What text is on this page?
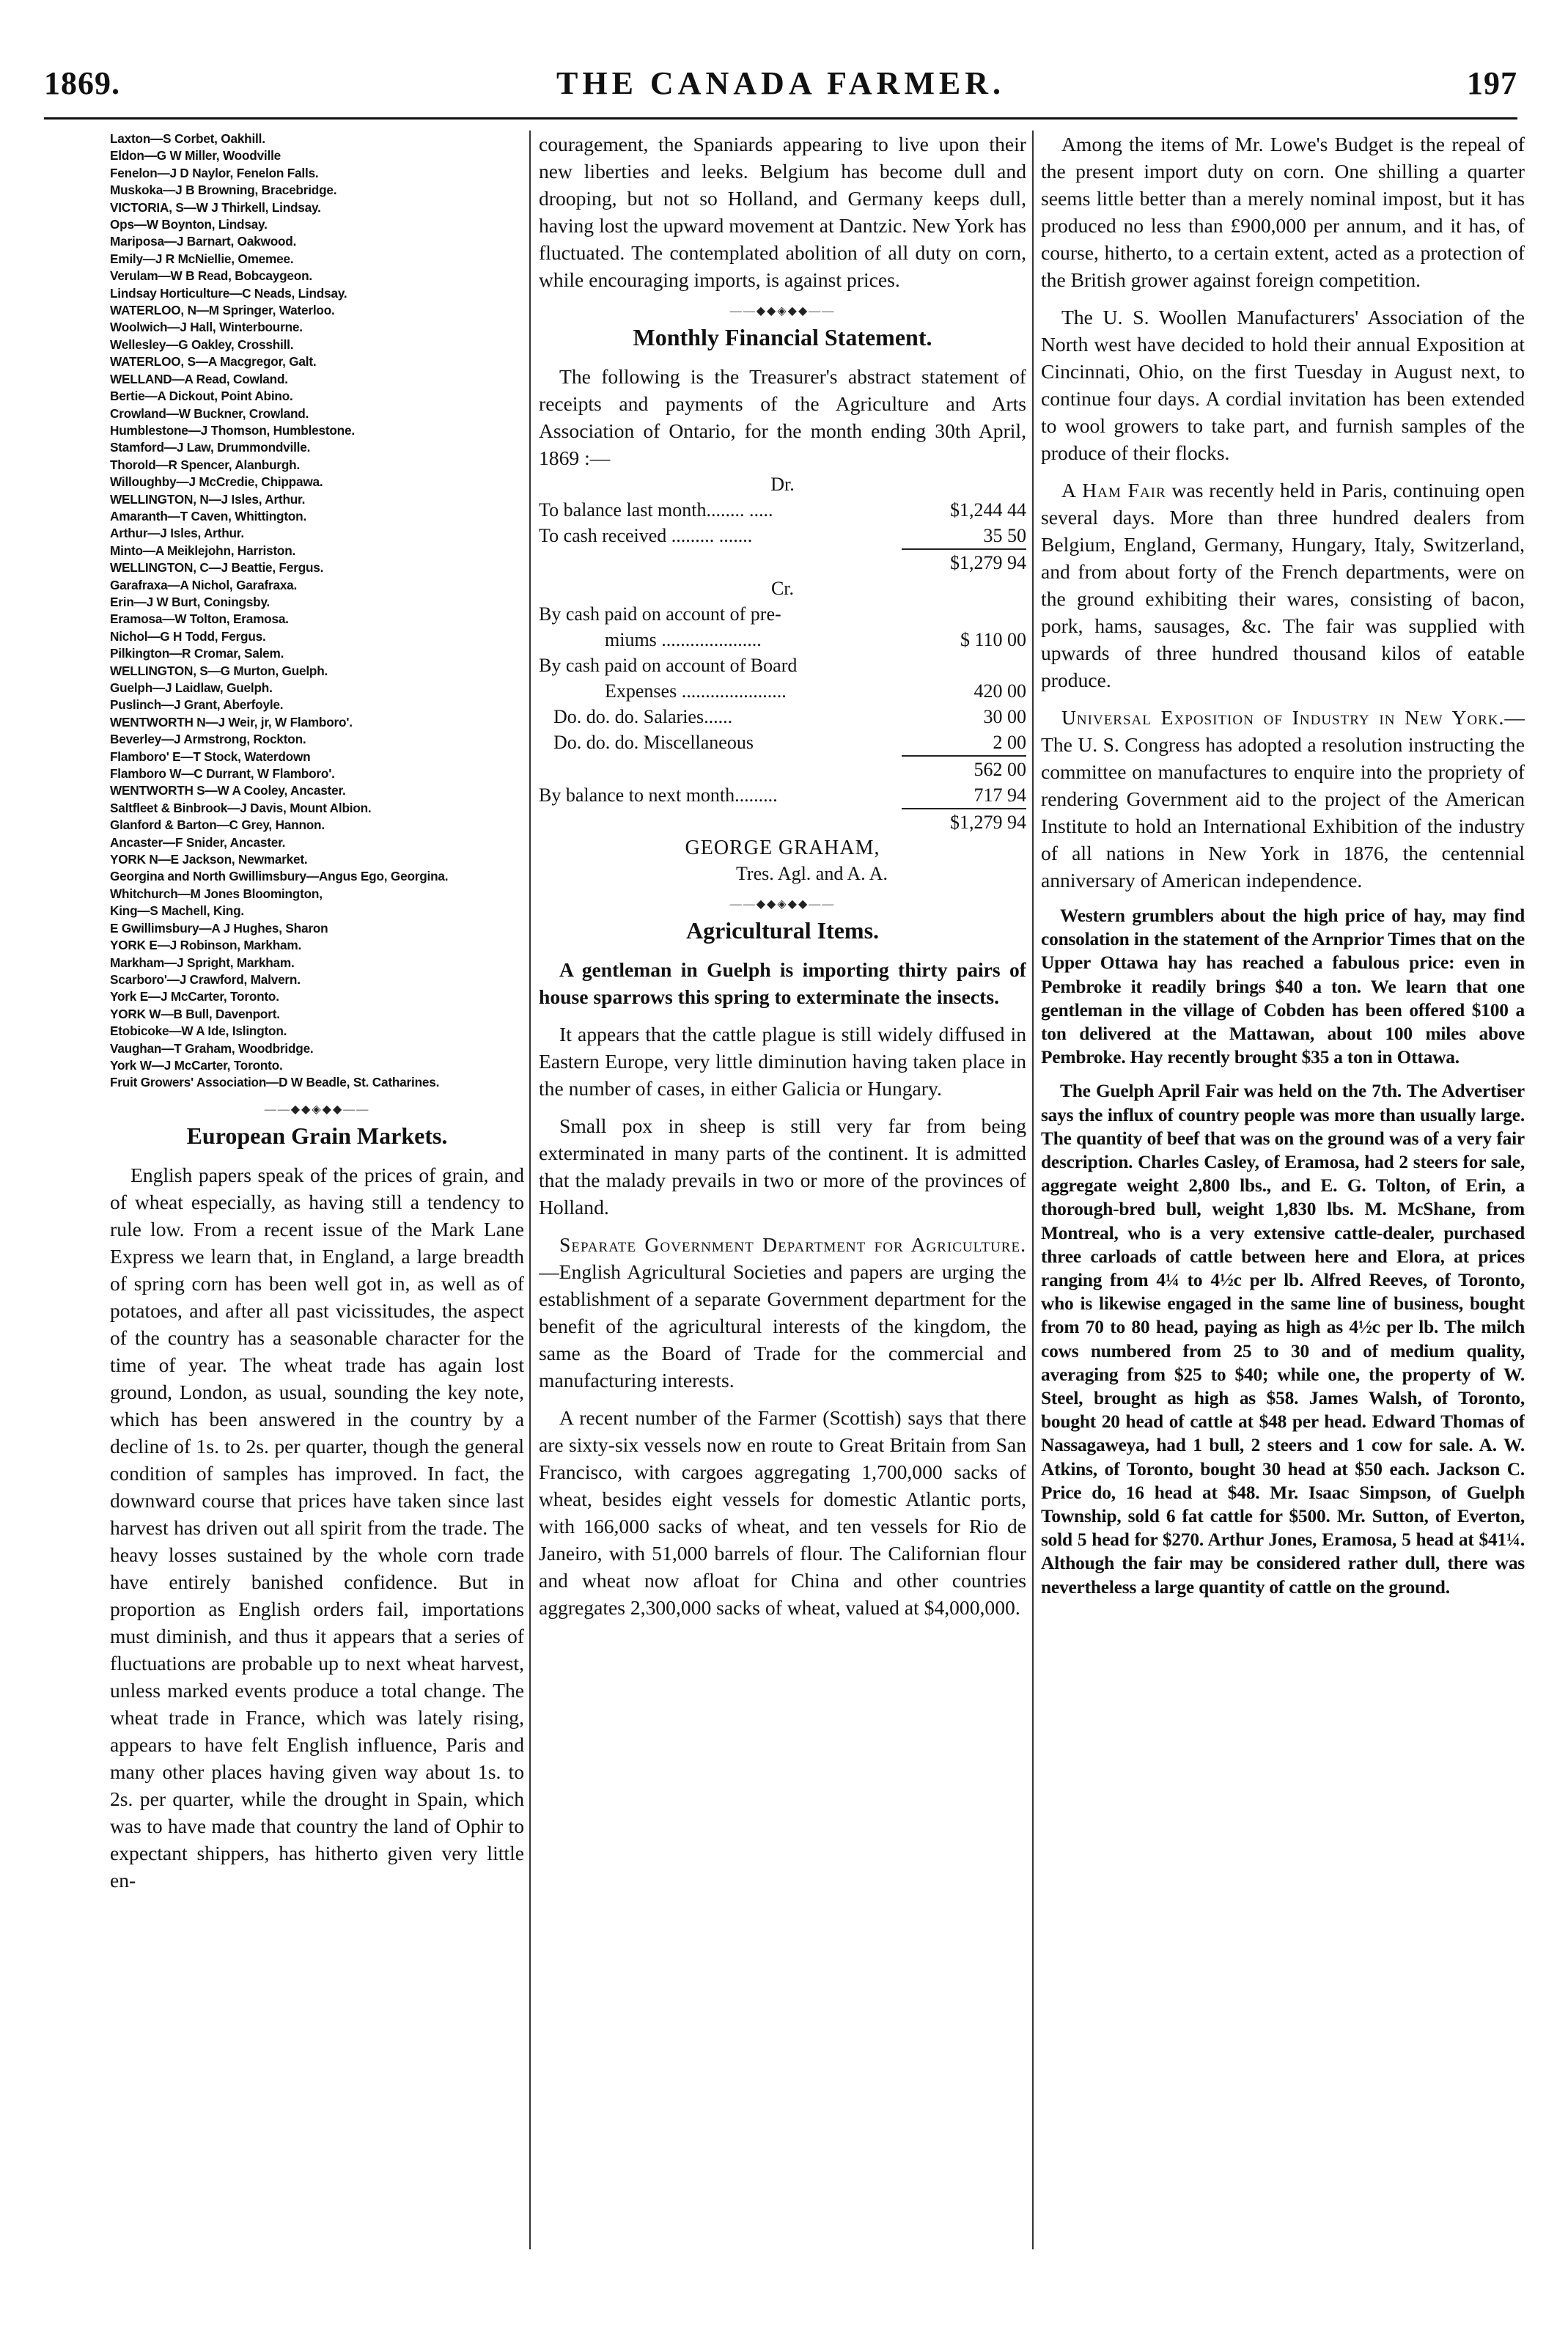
1869.	THE CANADA FARMER.	197
Laxton—S Corbet, Oakhill.
Eldon—G W Miller, Woodville
Fenelon—J D Naylor, Fenelon Falls.
Muskoka—J B Browning, Bracebridge.
VICTORIA, S—W J Thirkell, Lindsay.
Ops—W Boynton, Lindsay.
Mariposa—J Barnart, Oakwood.
Emily—J R McNiellie, Omemee.
Verulam—W B Read, Bobcaygeon.
Lindsay Horticulture—C Neads, Lindsay.
WATERLOO, N—M Springer, Waterloo.
Woolwich—J Hall, Winterbourne.
Wellesley—G Oakley, Crosshill.
WATERLOO, S—A Macgregor, Galt.
WELLAND—A Read, Cowland.
Bertie—A Dickout, Point Abino.
Crowland—W Buckner, Crowland.
Humblestone—J Thomson, Humblestone.
Stamford—J Law, Drummondville.
Thorold—R Spencer, Alanburgh.
Willoughby—J McCredie, Chippawa.
WELLINGTON, N—J Isles, Arthur.
Amaranth—T Caven, Whittington.
Arthur—J Isles, Arthur.
Minto—A Meiklejohn, Harriston.
WELLINGTON, C—J Beattie, Fergus.
Garafraxa—A Nichol, Garafraxa.
Erin—J W Burt, Coningsby.
Eramosa—W Tolton, Eramosa.
Nichol—G H Todd, Fergus.
Pilkington—R Cromar, Salem.
WELLINGTON, S—G Murton, Guelph.
Guelph—J Laidlaw, Guelph.
Puslinch—J Grant, Aberfoyle.
WENTWORTH N—J Weir, jr, W Flamboro'.
Beverley—J Armstrong, Rockton.
Flamboro' E—T Stock, Waterdown
Flamboro W—C Durrant, W Flamboro'.
WENTWORTH S—W A Cooley, Ancaster.
Saltfleet & Binbrook—J Davis, Mount Albion.
Glanford & Barton—C Grey, Hannon.
Ancaster—F Snider, Ancaster.
YORK N—E Jackson, Newmarket.
Georgina and North Gwillimsbury—Angus Ego, Georgina.
Whitchurch—M Jones Bloomington,
King—S Machell, King.
E Gwillimsbury—A J Hughes, Sharon
YORK E—J Robinson, Markham.
Markham—J Spright, Markham.
Scarboro'—J Crawford, Malvern.
York E—J McCarter, Toronto.
YORK W—B Bull, Davenport.
Etobicoke—W A Ide, Islington.
Vaughan—T Graham, Woodbridge.
York W—J McCarter, Toronto.
Fruit Growers' Association—D W Beadle, St. Catharines.
——◆◆◈◆◆——
European Grain Markets.

English papers speak of the prices of grain, and of wheat especially, as having still a tendency to rule low. From a recent issue of the Mark Lane Express we learn that, in England, a large breadth of spring corn has been well got in, as well as of potatoes, and after all past vicissitudes, the aspect of the country has a seasonable character for the time of year. The wheat trade has again lost ground, London, as usual, sounding the key note, which has been answered in the country by a decline of 1s. to 2s. per quarter, though the general condition of samples has improved. In fact, the downward course that prices have taken since last harvest has driven out all spirit from the trade. The heavy losses sustained by the whole corn trade have entirely banished confidence. But in proportion as English orders fail, importations must diminish, and thus it appears that a series of fluctuations are probable up to next wheat harvest, unless marked events produce a total change. The wheat trade in France, which was lately rising, appears to have felt English influence, Paris and many other places having given way about 1s. to 2s. per quarter, while the drought in Spain, which was to have made that country the land of Ophir to expectant shippers, has hitherto given very little en-

couragement, the Spaniards appearing to live upon their new liberties and leeks. Belgium has become dull and drooping, but not so Holland, and Germany keeps dull, having lost the upward movement at Dantzic. New York has fluctuated. The contemplated abolition of all duty on corn, while encouraging imports, is against prices.

——◆◆◈◆◆——
Monthly Financial Statement.

The following is the Treasurer's abstract statement of receipts and payments of the Agriculture and Arts Association of Ontario, for the month ending 30th April, 1869 :—

Dr.
To balance last month........ .....	$1,244 44
To cash received ......... .......	35 50
$1,279 94
Cr.
By cash paid on account of pre-
miums .....................	$ 110 00
By cash paid on account of Board
Expenses ......................	420 00
Do. do. do. Salaries......	30 00
Do. do. do. Miscellaneous	2 00
562 00
By balance to next month.........	717 94
$1,279 94
GEORGE GRAHAM,
Tres. Agl. and A. A.
——◆◆◈◆◆——
Agricultural Items.

A gentleman in Guelph is importing thirty pairs of house sparrows this spring to exterminate the insects.

It appears that the cattle plague is still widely diffused in Eastern Europe, very little diminution having taken place in the number of cases, in either Galicia or Hungary.

Small pox in sheep is still very far from being exterminated in many parts of the continent. It is admitted that the malady prevails in two or more of the provinces of Holland.

Separate Government Department for Agriculture.—English Agricultural Societies and papers are urging the establishment of a separate Government department for the benefit of the agricultural interests of the kingdom, the same as the Board of Trade for the commercial and manufacturing interests.

A recent number of the Farmer (Scottish) says that there are sixty-six vessels now en route to Great Britain from San Francisco, with cargoes aggregating 1,700,000 sacks of wheat, besides eight vessels for domestic Atlantic ports, with 166,000 sacks of wheat, and ten vessels for Rio de Janeiro, with 51,000 barrels of flour. The Californian flour and wheat now afloat for China and other countries aggregates 2,300,000 sacks of wheat, valued at $4,000,000.

Among the items of Mr. Lowe's Budget is the repeal of the present import duty on corn. One shilling a quarter seems little better than a merely nominal impost, but it has produced no less than £900,000 per annum, and it has, of course, hitherto, to a certain extent, acted as a protection of the British grower against foreign competition.

The U. S. Woollen Manufacturers' Association of the North west have decided to hold their annual Exposition at Cincinnati, Ohio, on the first Tuesday in August next, to continue four days. A cordial invitation has been extended to wool growers to take part, and furnish samples of the produce of their flocks.

A Ham Fair was recently held in Paris, continuing open several days. More than three hundred dealers from Belgium, England, Germany, Hungary, Italy, Switzerland, and from about forty of the French departments, were on the ground exhibiting their wares, consisting of bacon, pork, hams, sausages, &c. The fair was supplied with upwards of three hundred thousand kilos of eatable produce.

Universal Exposition of Industry in New York.—The U. S. Congress has adopted a resolution instructing the committee on manufactures to enquire into the propriety of rendering Government aid to the project of the American Institute to hold an International Exhibition of the industry of all nations in New York in 1876, the centennial anniversary of American independence.

Western grumblers about the high price of hay, may find consolation in the statement of the Arnprior Times that on the Upper Ottawa hay has reached a fabulous price: even in Pembroke it readily brings $40 a ton. We learn that one gentleman in the village of Cobden has been offered $100 a ton delivered at the Mattawan, about 100 miles above Pembroke. Hay recently brought $35 a ton in Ottawa.

The Guelph April Fair was held on the 7th. The Advertiser says the influx of country people was more than usually large. The quantity of beef that was on the ground was of a very fair description. Charles Casley, of Eramosa, had 2 steers for sale, aggregate weight 2,800 lbs., and E. G. Tolton, of Erin, a thorough-bred bull, weight 1,830 lbs. M. McShane, from Montreal, who is a very extensive cattle-dealer, purchased three carloads of cattle between here and Elora, at prices ranging from 4¼ to 4½c per lb. Alfred Reeves, of Toronto, who is likewise engaged in the same line of business, bought from 70 to 80 head, paying as high as 4½c per lb. The milch cows numbered from 25 to 30 and of medium quality, averaging from $25 to $40; while one, the property of W. Steel, brought as high as $58. James Walsh, of Toronto, bought 20 head of cattle at $48 per head. Edward Thomas of Nassagaweya, had 1 bull, 2 steers and 1 cow for sale. A. W. Atkins, of Toronto, bought 30 head at $50 each. Jackson C. Price do, 16 head at $48. Mr. Isaac Simpson, of Guelph Township, sold 6 fat cattle for $500. Mr. Sutton, of Everton, sold 5 head for $270. Arthur Jones, Eramosa, 5 head at $41¼. Although the fair may be considered rather dull, there was nevertheless a large quantity of cattle on the ground.
